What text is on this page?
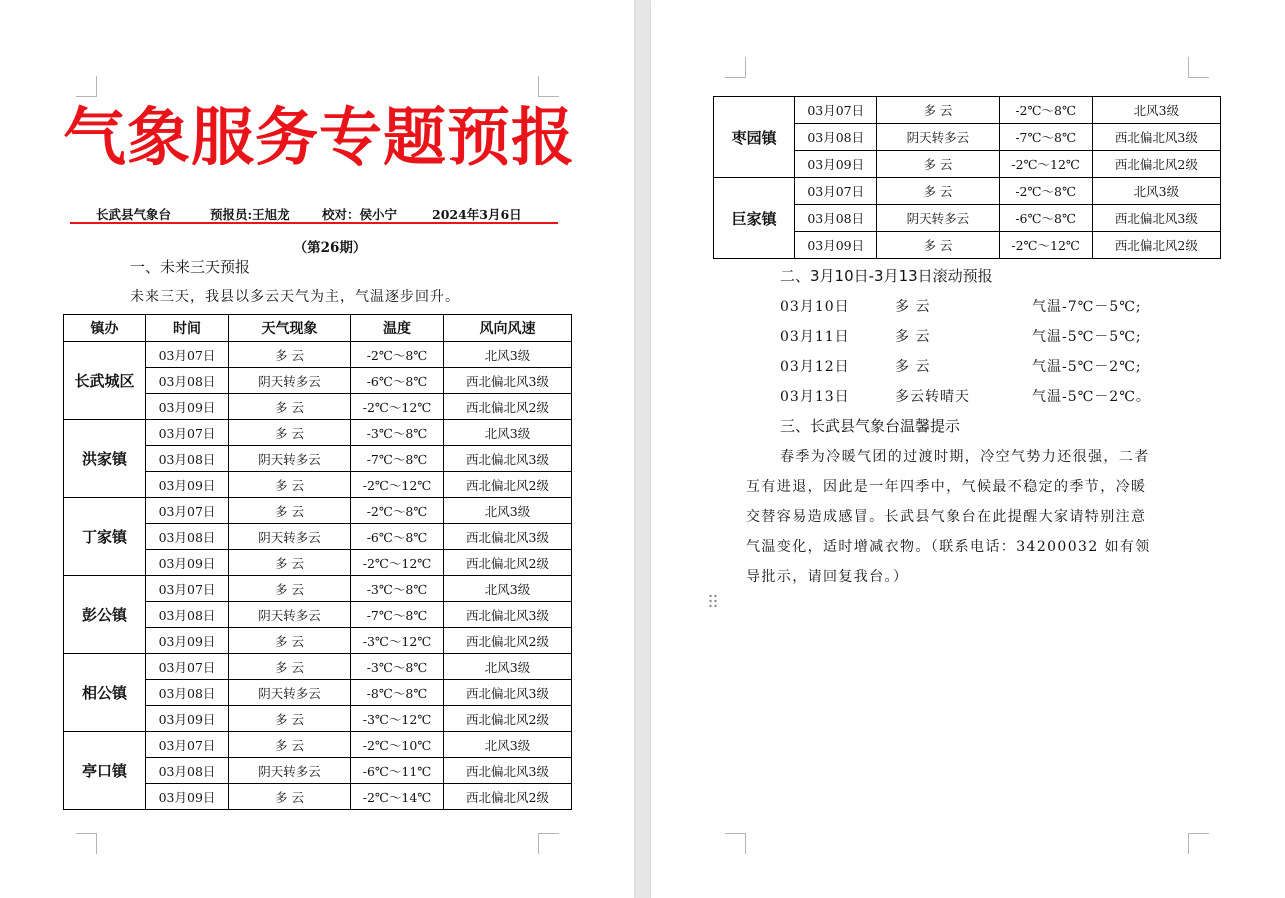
气象服务专题预报
长武县气象台	预报员:王旭龙	校对：侯小宁	2024年3月6日
（第26期）
一、未来三天预报
未来三天，我县以多云天气为主，气温逐步回升。
镇办	时间	天气现象	温度	风向风速
长武城区	03月07日	多 云	-2℃～8℃	北风3级
	03月08日	阴天转多云	-6℃～8℃	西北偏北风3级
	03月09日	多 云	-2℃～12℃	西北偏北风2级
洪家镇	03月07日	多 云	-3℃～8℃	北风3级
	03月08日	阴天转多云	-7℃～8℃	西北偏北风3级
	03月09日	多 云	-2℃～12℃	西北偏北风2级
丁家镇	03月07日	多 云	-2℃～8℃	北风3级
	03月08日	阴天转多云	-6℃～8℃	西北偏北风3级
	03月09日	多 云	-2℃～12℃	西北偏北风2级
彭公镇	03月07日	多 云	-3℃～8℃	北风3级
	03月08日	阴天转多云	-7℃～8℃	西北偏北风3级
	03月09日	多 云	-3℃～12℃	西北偏北风2级
相公镇	03月07日	多 云	-3℃～8℃	北风3级
	03月08日	阴天转多云	-8℃～8℃	西北偏北风3级
	03月09日	多 云	-3℃～12℃	西北偏北风2级
亭口镇	03月07日	多 云	-2℃～10℃	北风3级
	03月08日	阴天转多云	-6℃～11℃	西北偏北风3级
	03月09日	多 云	-2℃～14℃	西北偏北风2级
枣园镇	03月07日	多 云	-2℃～8℃	北风3级
	03月08日	阴天转多云	-7℃～8℃	西北偏北风3级
	03月09日	多 云	-2℃～12℃	西北偏北风2级
巨家镇	03月07日	多 云	-2℃～8℃	北风3级
	03月08日	阴天转多云	-6℃～8℃	西北偏北风3级
	03月09日	多 云	-2℃～12℃	西北偏北风2级
二、3月10日-3月13日滚动预报
03月10日	多 云	气温-7℃－5℃;
03月11日	多 云	气温-5℃－5℃;
03月12日	多 云	气温-5℃－2℃;
03月13日	多云转晴天	气温-5℃－2℃。
三、长武县气象台温馨提示
春季为冷暖气团的过渡时期，冷空气势力还很强，二者
互有进退，因此是一年四季中，气候最不稳定的季节，冷暖
交替容易造成感冒。长武县气象台在此提醒大家请特别注意
气温变化，适时增减衣物。（联系电话：34200032 如有领
导批示，请回复我台。）
